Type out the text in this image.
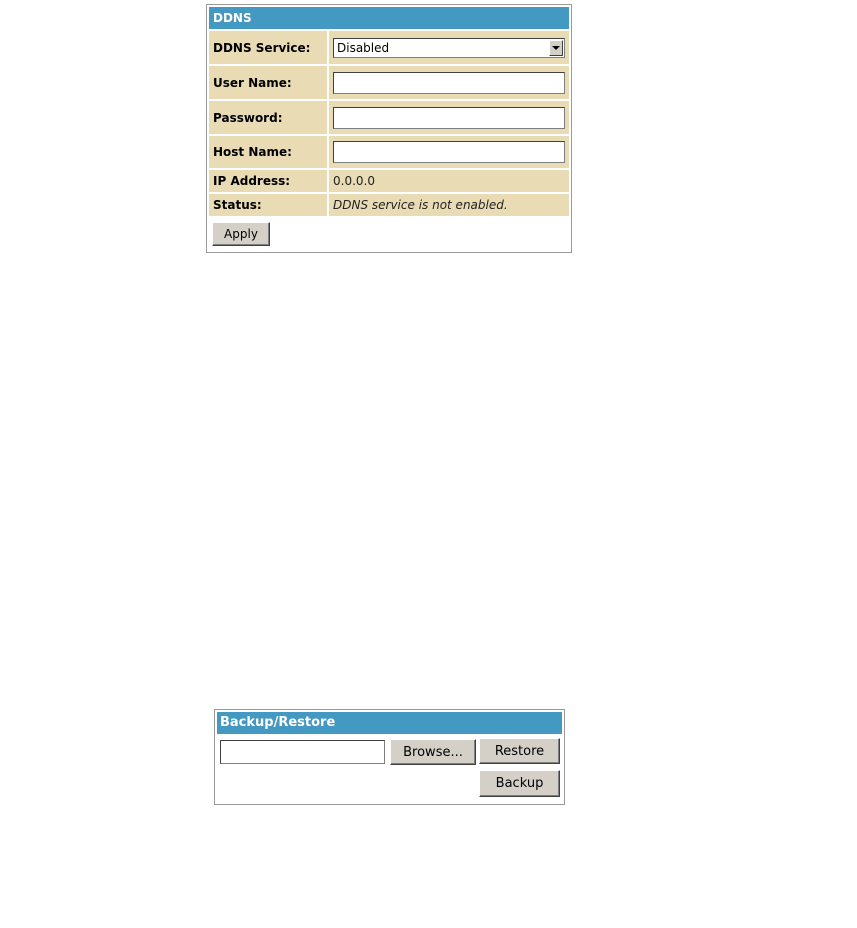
DDNS
DDNS Service:	Disabled
User Name:
Password:
Host Name:
IP Address:	0.0.0.0
Status:	DDNS service is not enabled.
Apply
Backup/Restore
Browse...	Restore
Backup
